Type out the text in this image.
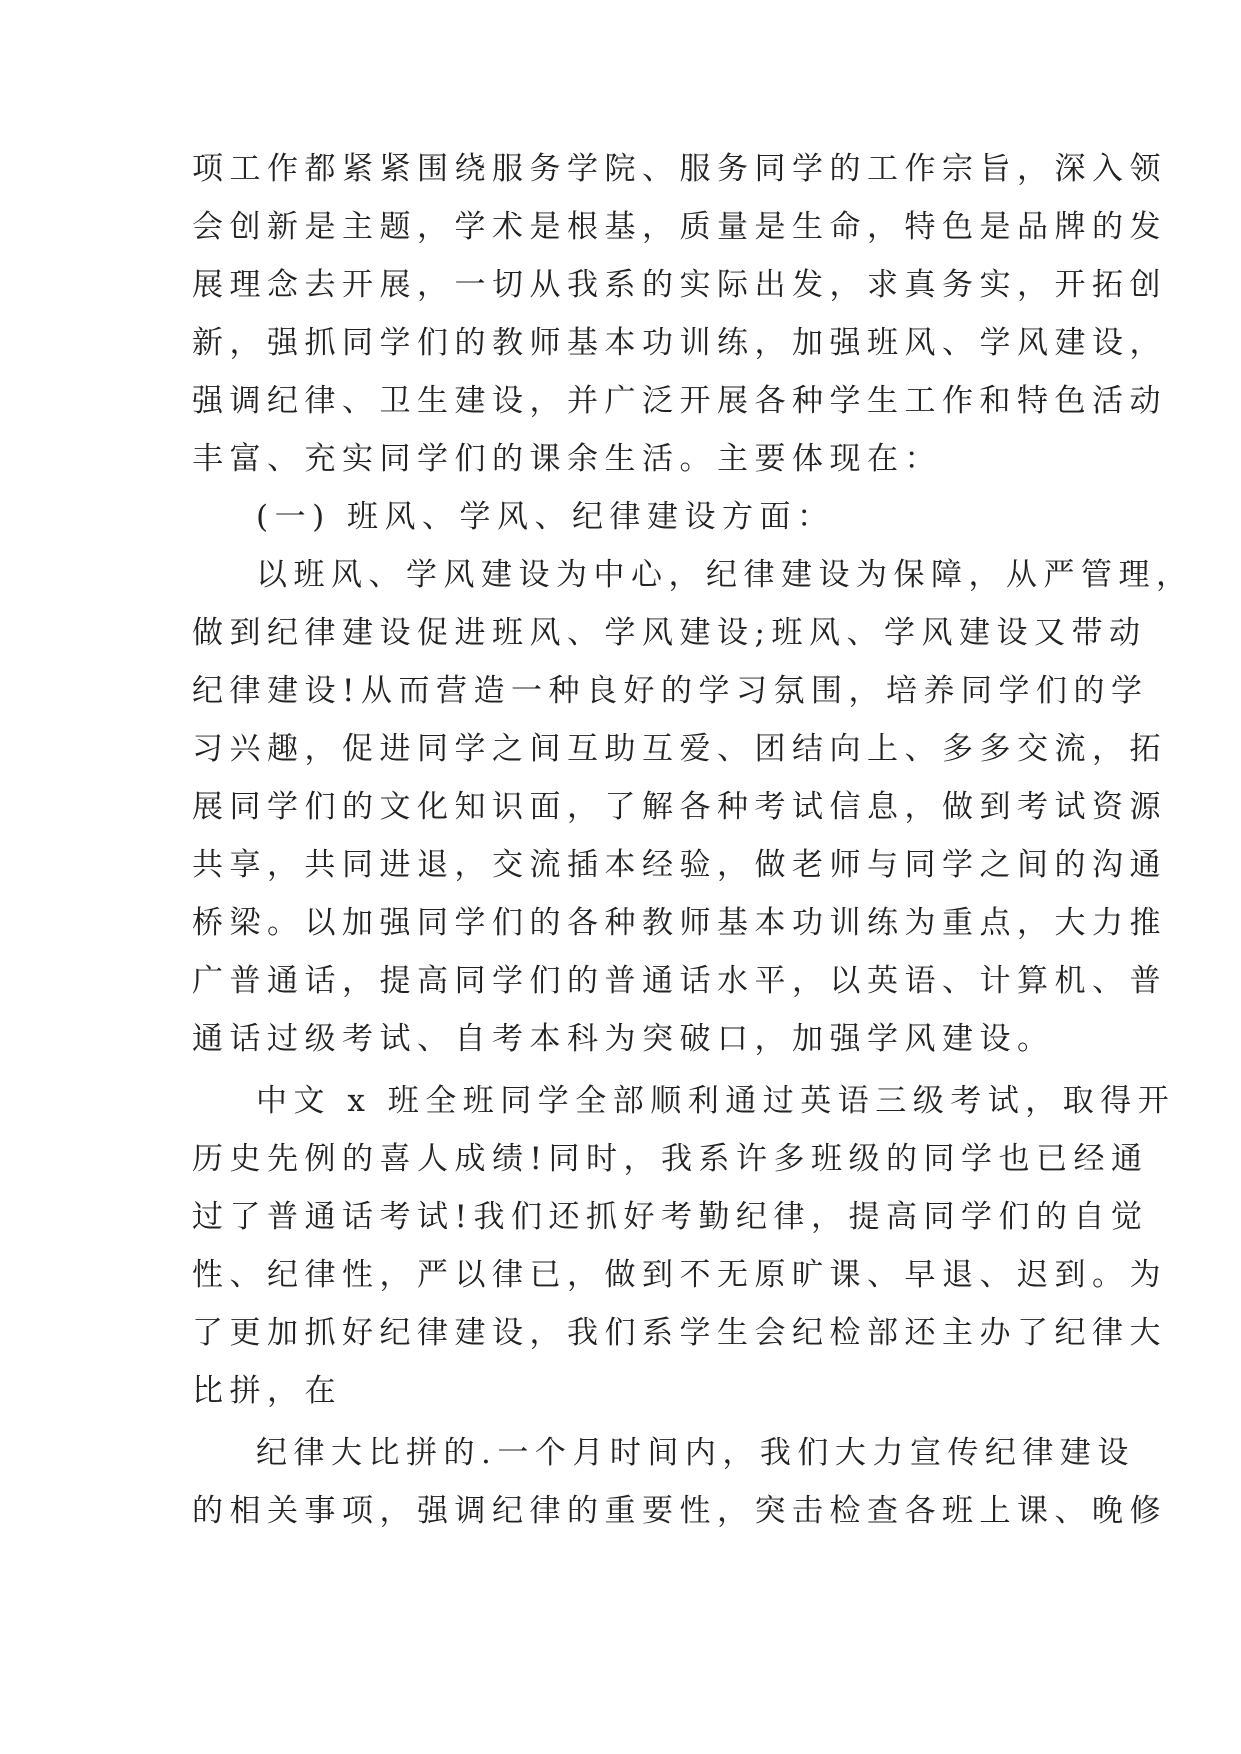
项工作都紧紧围绕服务学院、服务同学的工作宗旨，深入领
会创新是主题，学术是根基，质量是生命，特色是品牌的发
展理念去开展，一切从我系的实际出发，求真务实，开拓创
新，强抓同学们的教师基本功训练，加强班风、学风建设，
强调纪律、卫生建设，并广泛开展各种学生工作和特色活动
丰富、充实同学们的课余生活。主要体现在：
(一) 班风、学风、纪律建设方面：
以班风、学风建设为中心，纪律建设为保障，从严管理，
做到纪律建设促进班风、学风建设;班风、学风建设又带动
纪律建设!从而营造一种良好的学习氛围，培养同学们的学
习兴趣，促进同学之间互助互爱、团结向上、多多交流，拓
展同学们的文化知识面，了解各种考试信息，做到考试资源
共享，共同进退，交流插本经验，做老师与同学之间的沟通
桥梁。以加强同学们的各种教师基本功训练为重点，大力推
广普通话，提高同学们的普通话水平，以英语、计算机、普
通话过级考试、自考本科为突破口，加强学风建设。
中文 x 班全班同学全部顺利通过英语三级考试，取得开
历史先例的喜人成绩!同时，我系许多班级的同学也已经通
过了普通话考试!我们还抓好考勤纪律，提高同学们的自觉
性、纪律性，严以律已，做到不无原旷课、早退、迟到。为
了更加抓好纪律建设，我们系学生会纪检部还主办了纪律大
比拼，在
纪律大比拼的.一个月时间内，我们大力宣传纪律建设
的相关事项，强调纪律的重要性，突击检查各班上课、晚修
